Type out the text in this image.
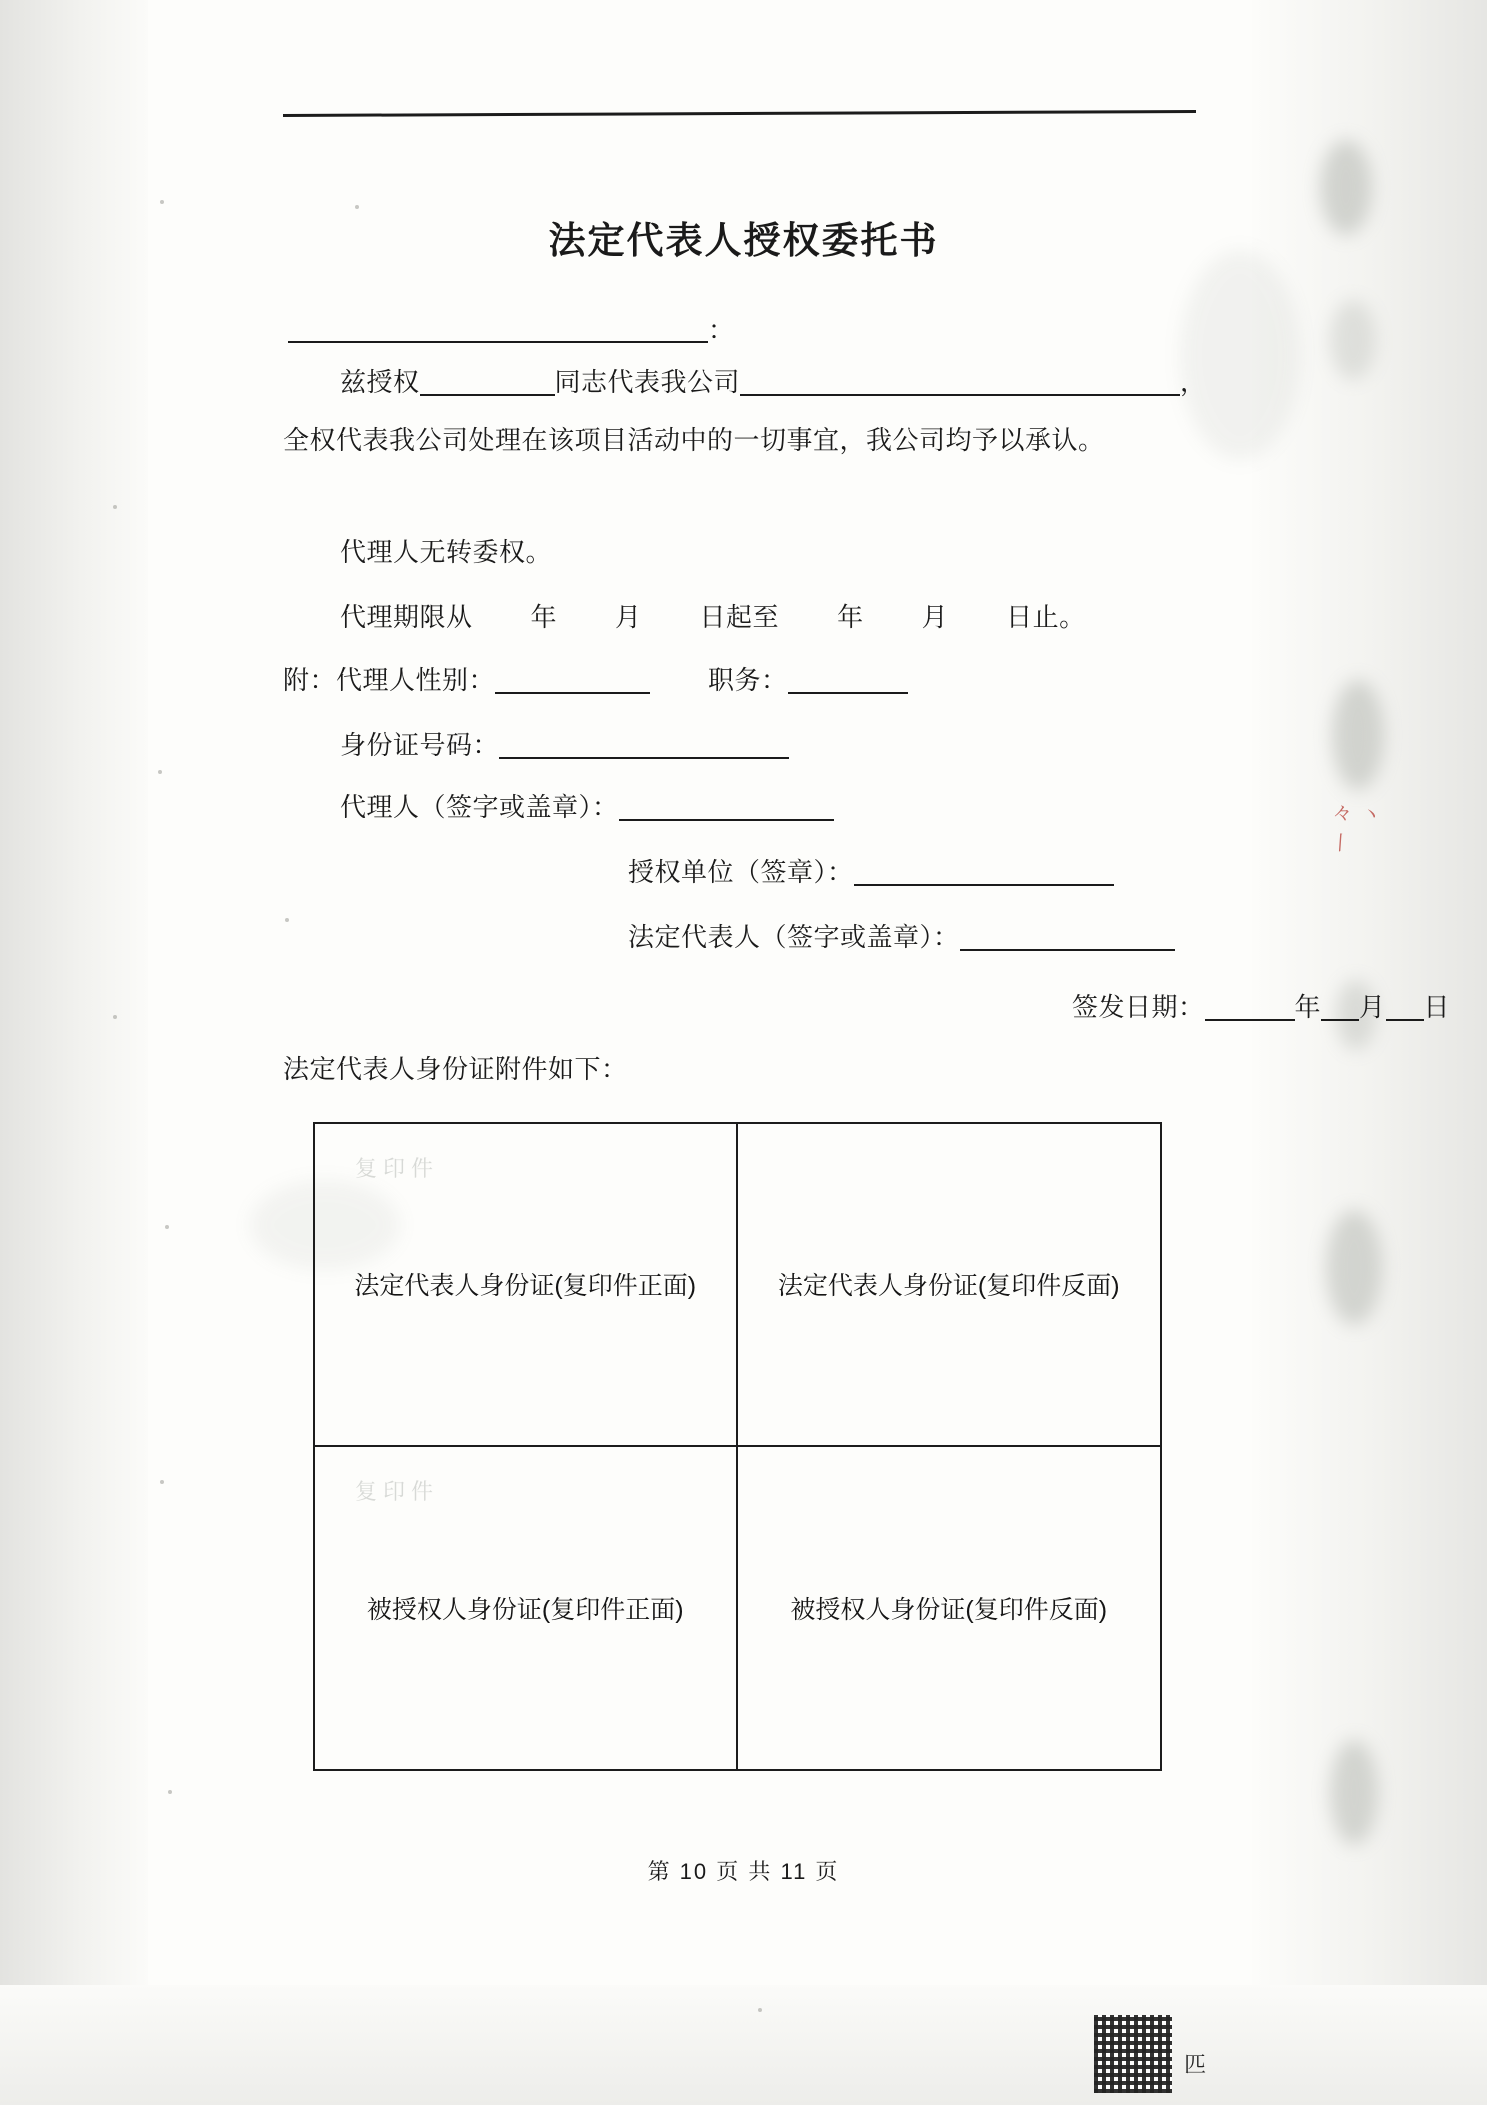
々 丶 丨
法定代表人授权委托书
：
兹授权	同志代表我公司	，
全权代表我公司处理在该项目活动中的一切事宜，我公司均予以承认。
代理人无转委权。
代理期限从 年 月 日起至 年 月 日止。
附：代理人性别：	职务：
身份证号码：
代理人（签字或盖章）：
授权单位（签章）：
法定代表人（签字或盖章）：
签发日期：	年 月 日
法定代表人身份证附件如下：
复印件
法定代表人身份证(复印件正面)	法定代表人身份证(复印件反面)
复印件
被授权人身份证(复印件正面)	被授权人身份证(复印件反面)
第 10 页 共 11 页
匹
